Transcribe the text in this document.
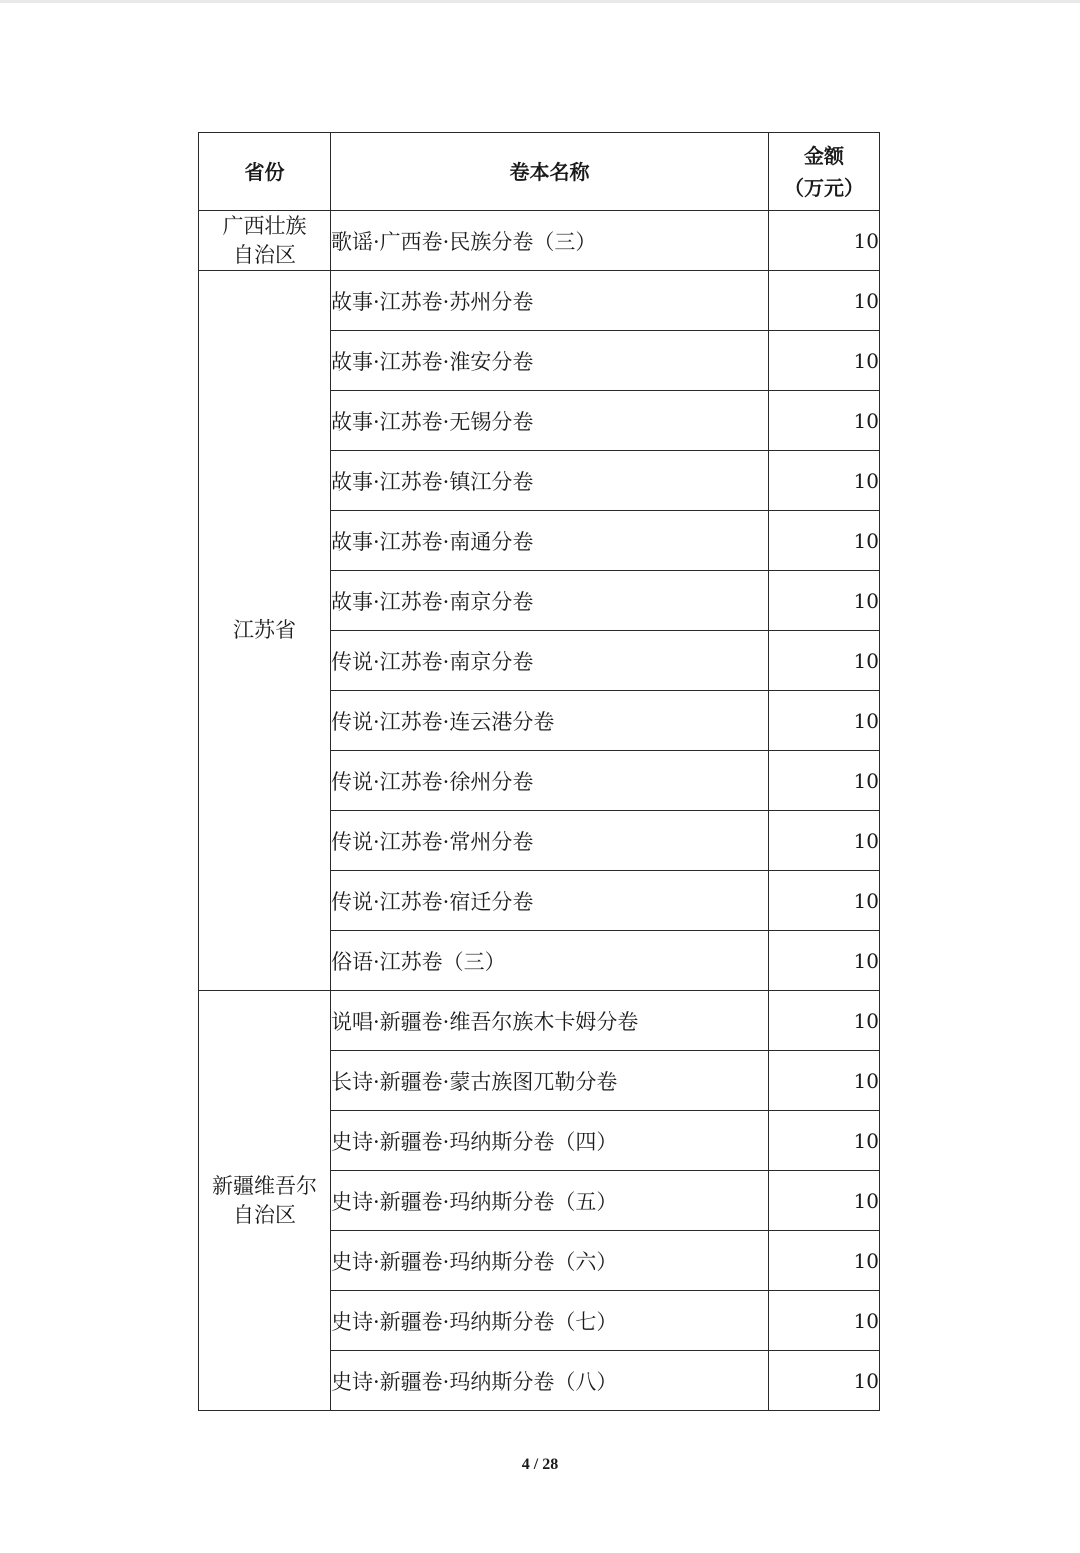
省份	卷本名称	金额
（万元）

广西壮族
自治区	歌谣·广西卷·民族分卷（三）	10

江苏省	故事·江苏卷·苏州分卷	10
	故事·江苏卷·淮安分卷	10
	故事·江苏卷·无锡分卷	10
	故事·江苏卷·镇江分卷	10
	故事·江苏卷·南通分卷	10
	故事·江苏卷·南京分卷	10
	传说·江苏卷·南京分卷	10
	传说·江苏卷·连云港分卷	10
	传说·江苏卷·徐州分卷	10
	传说·江苏卷·常州分卷	10
	传说·江苏卷·宿迁分卷	10
	俗语·江苏卷（三）	10

新疆维吾尔
自治区	说唱·新疆卷·维吾尔族木卡姆分卷	10
	长诗·新疆卷·蒙古族图兀勒分卷	10
	史诗·新疆卷·玛纳斯分卷（四）	10
	史诗·新疆卷·玛纳斯分卷（五）	10
	史诗·新疆卷·玛纳斯分卷（六）	10
	史诗·新疆卷·玛纳斯分卷（七）	10
	史诗·新疆卷·玛纳斯分卷（八）	10
4 / 28
